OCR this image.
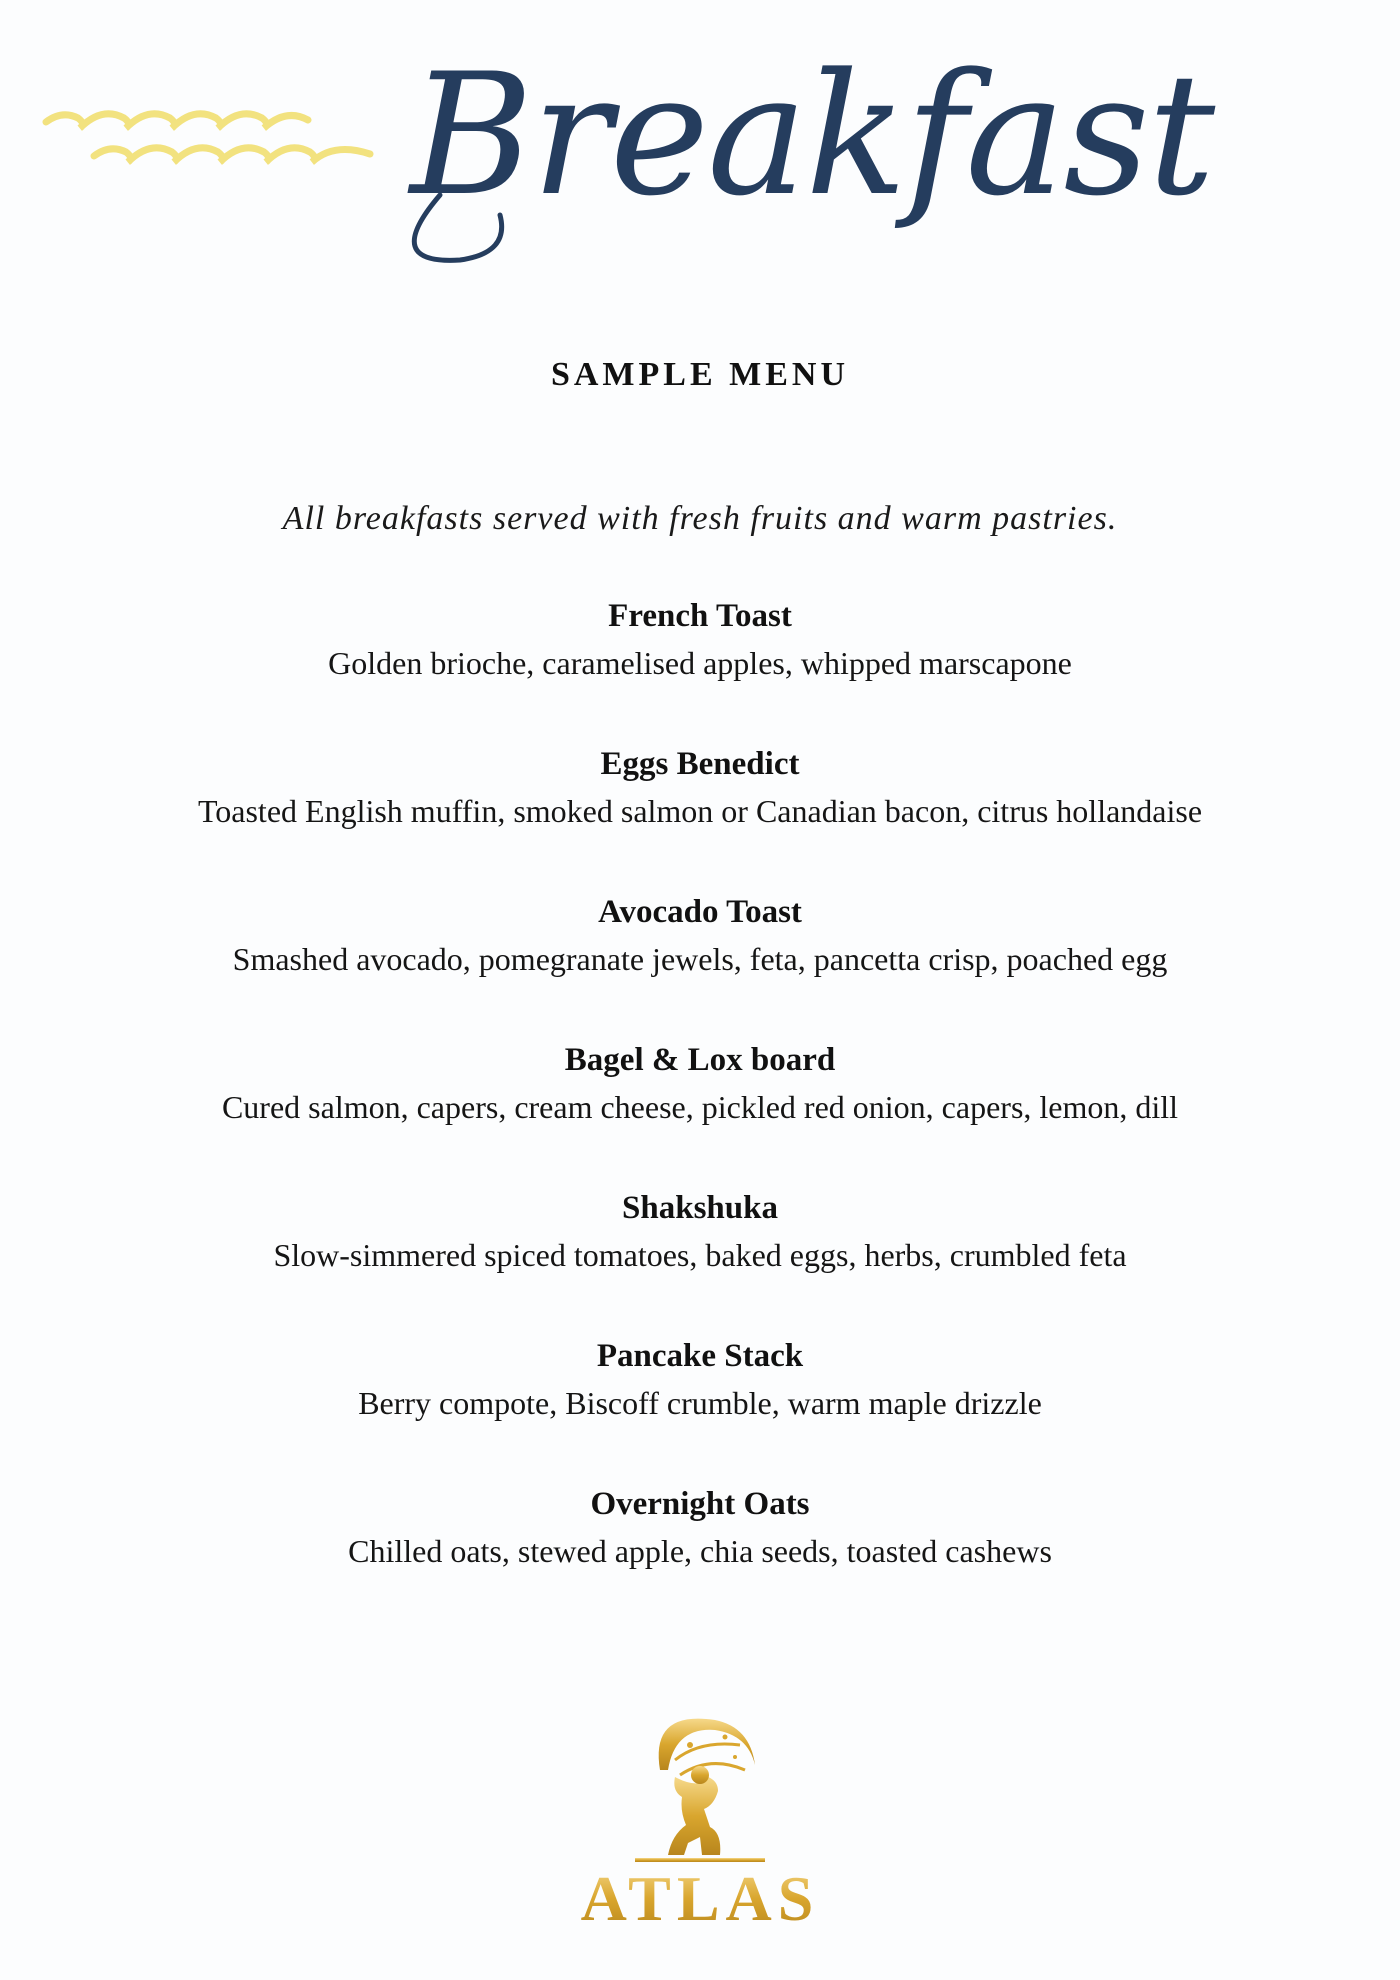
Breakfast
SAMPLE MENU
All breakfasts served with fresh fruits and warm pastries.
French Toast
Golden brioche, caramelised apples, whipped marscapone
Eggs Benedict
Toasted English muffin, smoked salmon or Canadian bacon, citrus hollandaise
Avocado Toast
Smashed avocado, pomegranate jewels, feta, pancetta crisp, poached egg
Bagel & Lox board
Cured salmon, capers, cream cheese, pickled red onion, capers, lemon, dill
Shakshuka
Slow-simmered spiced tomatoes, baked eggs, herbs, crumbled feta
Pancake Stack
Berry compote, Biscoff crumble, warm maple drizzle
Overnight Oats
Chilled oats, stewed apple, chia seeds, toasted cashews
ATLAS
